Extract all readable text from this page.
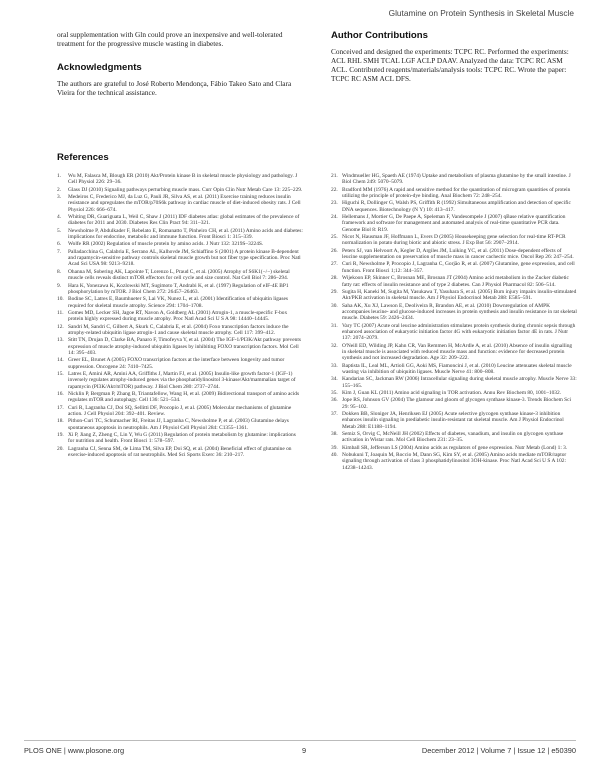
Glutamine on Protein Synthesis in Skeletal Muscle

oral supplementation with Gln could prove an inexpensive and well-tolerated treatment for the progressive muscle wasting in diabetes.

Acknowledgments

The authors are grateful to José Roberto Mendonça, Fábio Takeo Sato and Clara Vieira for the technical assistance.

Author Contributions

Conceived and designed the experiments: TCPC RC. Performed the experiments: ACL RHL SMH TCAL LGF ACLP DAAV. Analyzed the data: TCPC RC ASM ACL. Contributed reagents/materials/analysis tools: TCPC RC. Wrote the paper: TCPC RC ASM ACL DFS.

References
1.	Wu M, Falasca M, Blough ER (2010) Akt/Protein kinase B in skeletal muscle physiology and pathology. J Cell Physiol 226: 29–36.
2.	Glass DJ (2010) Signaling pathways perturbing muscle mass. Curr Opin Clin Nutr Metab Care 13: 225–229.
3.	Medeiros C, Frederico MJ, da Luz G, Pauli JR, Silva AS, et al. (2011) Exercise training reduces insulin resistance and upregulates the mTOR/p70S6k pathway in cardiac muscle of diet-induced obesity rats. J Cell Physiol 226: 666–674.
4.	Whiting DR, Guariguata L, Weil C, Shaw J (2011) IDF diabetes atlas: global estimates of the prevalence of diabetes for 2011 and 2030. Diabetes Res Clin Pract 94: 311–321.
5.	Newsholme P, Abdulkader F, Rebelato E, Romanatto T, Pinheiro CH, et al. (2011) Amino acids and diabetes: implications for endocrine, metabolic and immune function. Front Biosci 1: 315–339.
6.	Wolfe RR (2002) Regulation of muscle protein by amino acids. J Nutr 132: 3219S–3224S.
7.	Palladacchina G, Calabria E, Serrano AL, Kalhovde JM, Schiaffino S (2001) A protein kinase B-dependent and rapamycin-sensitive pathway controls skeletal muscle growth but not fiber type specification. Proc Natl Acad Sci USA 98: 9213–9218.
8.	Ohanna M, Sobering AK, Lapointe T, Lorenzo L, Praud C, et al. (2005) Atrophy of S6K1(−/−) skeletal muscle cells reveals distinct mTOR effectors for cell cycle and size control. Nat Cell Biol 7: 286–294.
9.	Hara K, Yonezawa K, Kozlowski MT, Sugimoto T, Andrabi K, et al. (1997) Regulation of eIF-4E BP1 phosphorylation by mTOR. J Biol Chem 272: 26457–26463.
10. Bodine SC, Latres E, Baumhueter S, Lai VK, Nunez L, et al. (2001) Identification of ubiquitin ligases required for skeletal muscle atrophy. Science 294: 1704–1708.
11. Gomes MD, Lecker SH, Jagoe RT, Navon A, Goldberg AL (2001) Atrogin-1, a muscle-specific F-box protein highly expressed during muscle atrophy. Proc Natl Acad Sci U S A 98: 14440–14445.
12. Sandri M, Sandri C, Gilbert A, Skurk C, Calabria E, et al. (2004) Foxo transcription factors induce the atrophy-related ubiquitin ligase atrogin-1 and cause skeletal muscle atrophy. Cell 117: 399–412.
13. Stitt TN, Drujan D, Clarke BA, Panaro F, Timofeyva Y, et al. (2004) The IGF-1/PI3K/Akt pathway prevents expression of muscle atrophy-induced ubiquitin ligases by inhibiting FOXO transcription factors. Mol Cell 14: 395–403.
14. Greer EL, Brunet A (2005) FOXO transcription factors at the interface between longevity and tumor suppression. Oncogene 24: 7410–7425.
15. Latres E, Amini AR, Amini AA, Griffiths J, Martin FJ, et al. (2005) Insulin-like growth factor-1 (IGF-1) inversely regulates atrophy-induced genes via the phosphatidylinositol 3-kinase/Akt/mammalian target of rapamycin (PI3K/Akt/mTOR) pathway. J Biol Chem 280: 2737–2744.
16. Nicklin P, Bergman P, Zhang B, Triantafellow, Wang H, et al. (2009) Bidirectional transport of amino acids regulates mTOR and autophagy. Cell 136: 521–534.
17. Curi R, Lagranha CJ, Doi SQ, Sellitti DF, Procopio J, et al. (2005) Molecular mechanisms of glutamine action. J Cell Physiol 204: 392–401. Review.
18. Pithon-Curi TC, Schumacher RI, Freitas JJ, Lagranha C, Newsholme P, et al. (2003) Glutamine delays spontaneous apoptosis in neutrophils. Am J Physiol Cell Physiol 284: C1355–1361.
19. Xi P, Jiang Z, Zheng C, Lin Y, Wu G (2011) Regulation of protein metabolism by glutamine: implications for nutrition and health. Front Biosci 1: 578–597.
20. Lagranha CJ, Senna SM, de Lima TM, Silva EP, Doi SQ, et al. (2004) Beneficial effect of glutamine on exercise-induced apoptosis of rat neutrophils. Med Sci Sports Exerc 36: 210–217.
21. Windmueller HG, Spaeth AE (1974) Uptake and metabolism of plasma glutamine by the small intestine. J Biol Chem 249: 5070–5079.
22. Bradford MM (1976) A rapid and sensitive method for the quantitation of microgram quantities of protein utilizing the principle of protein-dye binding. Anal Biochem 72: 248–254.
23. Higuchi R, Dollinger G, Walsh PS, Griffith R (1992) Simultaneous amplification and detection of specific DNA sequences. Biotechnology (N Y) 10: 413–417.
24. Hellemans J, Mortier G, De Paepe A, Speleman F, Vandesompele J (2007) qBase relative quantification framework and software for management and automated analysis of real-time quantitative PCR data. Genome Biol 8: R19.
25. Nicot N, Hausman JF, Hoffmann L, Evers D (2005) Housekeeping gene selection for real-time RT-PCR normalization in potato during biotic and abiotic stress. J Exp Bot 56: 2907–2914.
26. Peters SJ, van Helvoort A, Kegler D, Argiles JM, Luiking YC, et al. (2011) Dose-dependent effects of leucine supplementation on preservation of muscle mass in cancer cachectic mice. Oncol Rep 26: 247–254.
27. Curi R, Newsholme P, Procopio J, Lagranha C, Gorjão R, et al. (2007) Glutamine, gene expression, and cell function. Front Biosci 1;12: 344–357.
28. Wijekoon EP, Skinner C, Brosnan ME, Brosnan JT (2004) Amino acid metabolism in the Zucker diabetic fatty rat: effects of insulin resistance and of type 2 diabetes. Can J Physiol Pharmacol 82: 506–514.
29. Sugita H, Kaneki M, Sugita M, Yasukawa T, Yasuhara S, et al. (2005) Burn injury impairs insulin-stimulated Akt/PKB activation in skeletal muscle. Am J Physiol Endocrinol Metab 288: E585–591.
30. Saha AK, Xu XJ, Lawson E, Deoliveira R, Brandon AE, et al. (2010) Downregulation of AMPK accompanies leucine- and glucose-induced increases in protein synthesis and insulin resistance in rat skeletal muscle. Diabetes 59: 2426–2434.
31. Vary TC (2007) Acute oral leucine administration stimulates protein synthesis during chronic sepsis through enhanced association of eukaryotic initiation factor 4G with eukaryotic initiation factor 4E in rats. J Nutr 137: 2074–2079.
32. O'Neill ED, Wilding JP, Kahn CR, Van Remmen H, McArdle A, et al. (2010) Absence of insulin signalling in skeletal muscle is associated with reduced muscle mass and function: evidence for decreased protein synthesis and not increased degradation. Age 32: 209–222.
33. Baptista IL, Leal ML, Artioli GG, Aoki MS, Fiamoncini J, et al. (2010) Leucine attenuates skeletal muscle wasting via inhibition of ubiquitin ligases. Muscle Nerve 41: 800–808.
34. Kandarian SC, Jackman RW (2006) Intracellular signaling during skeletal muscle atrophy. Muscle Nerve 33: 155–165.
35. Kim J, Guan KL (2011) Amino acid signaling in TOR activation. Annu Rev Biochem 80, 1001–1032.
36. Jope RS, Johnson GV (2004) The glamour and gloom of glycogen synthase kinase-3. Trends Biochem Sci 29: 95–102.
37. Dokken BB, Sloniger JA, Henriksen EJ (2005) Acute selective glycogen synthase kinase-3 inhibition enhances insulin signaling in prediabetic insulin-resistant rat skeletal muscle. Am J Physiol Endocrinol Metab 288: E1188–1194.
38. Semiz S, Orvig C, McNeill JH (2002) Effects of diabetes, vanadium, and insulin on glycogen synthase activation in Wistar rats. Mol Cell Biochem 231: 23–35.
39. Kimball SR, Jefferson LS (2004) Amino acids as regulators of gene expression. Nutr Metab (Lond) 1: 3.
40. Nobukuni T, Joaquin M, Roccio M, Dann SG, Kim SY, et al. (2005) Amino acids mediate mTOR/raptor signaling through activation of class 3 phosphatidylinositol 3OH-kinase. Proc Natl Acad Sci U S A 102: 14238–14243.
PLOS ONE | www.plosone.org	9	December 2012 | Volume 7 | Issue 12 | e50390
